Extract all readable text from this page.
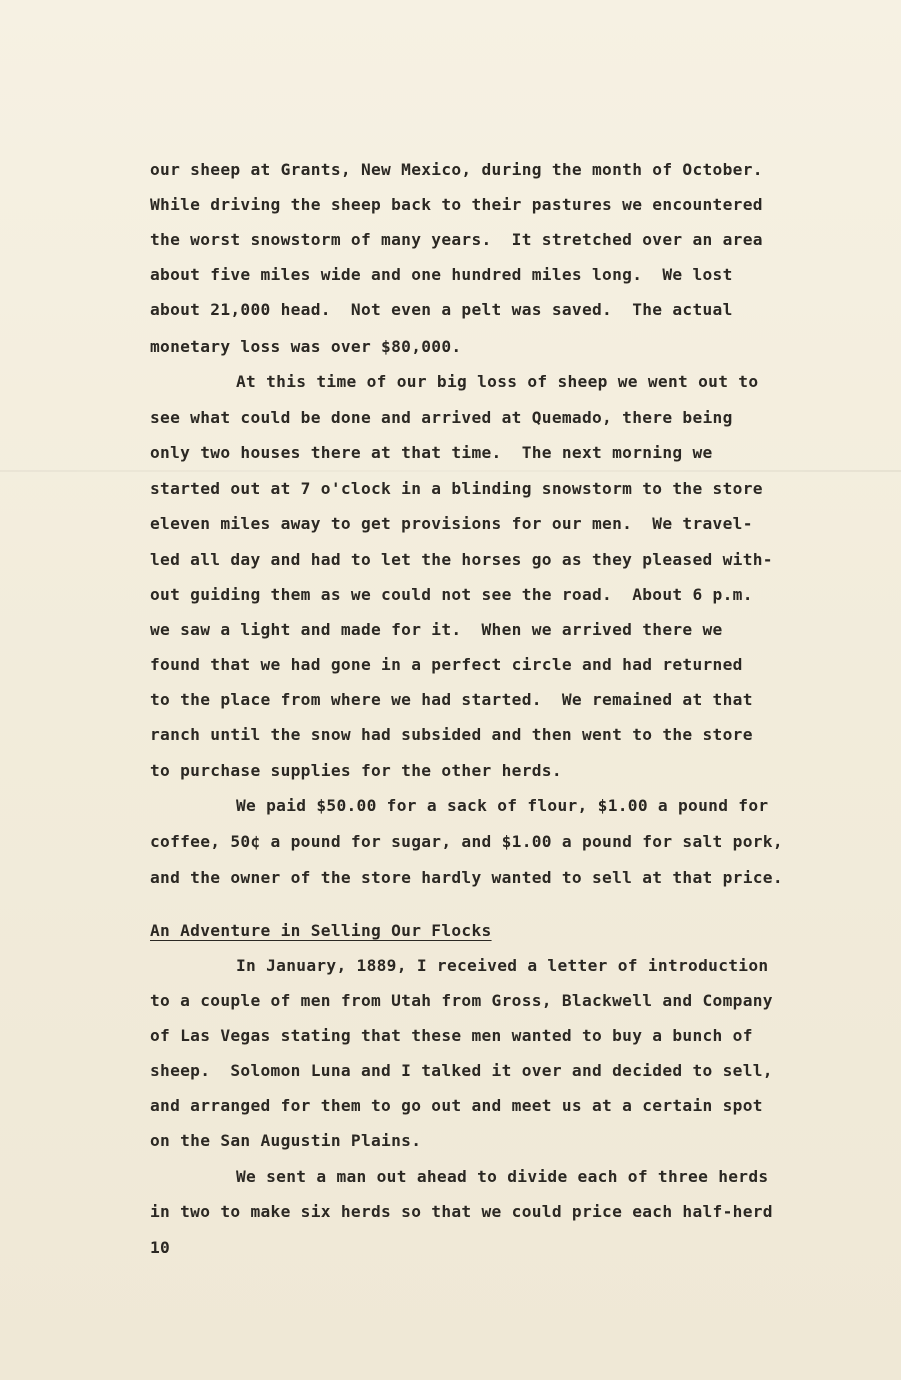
our sheep at Grants, New Mexico, during the month of October.
While driving the sheep back to their pastures we encountered
the worst snowstorm of many years.  It stretched over an area
about five miles wide and one hundred miles long.  We lost
about 21,000 head.  Not even a pelt was saved.  The actual
monetary loss was over $80,000.
At this time of our big loss of sheep we went out to
see what could be done and arrived at Quemado, there being
only two houses there at that time.  The next morning we
started out at 7 o'clock in a blinding snowstorm to the store
eleven miles away to get provisions for our men.  We travel-
led all day and had to let the horses go as they pleased with-
out guiding them as we could not see the road.  About 6 p.m.
we saw a light and made for it.  When we arrived there we
found that we had gone in a perfect circle and had returned
to the place from where we had started.  We remained at that
ranch until the snow had subsided and then went to the store
to purchase supplies for the other herds.
We paid $50.00 for a sack of flour, $1.00 a pound for
coffee, 50¢ a pound for sugar, and $1.00 a pound for salt pork,
and the owner of the store hardly wanted to sell at that price.
An Adventure in Selling Our Flocks
In January, 1889, I received a letter of introduction
to a couple of men from Utah from Gross, Blackwell and Company
of Las Vegas stating that these men wanted to buy a bunch of
sheep.  Solomon Luna and I talked it over and decided to sell,
and arranged for them to go out and meet us at a certain spot
on the San Augustin Plains.
We sent a man out ahead to divide each of three herds
in two to make six herds so that we could price each half-herd
10
